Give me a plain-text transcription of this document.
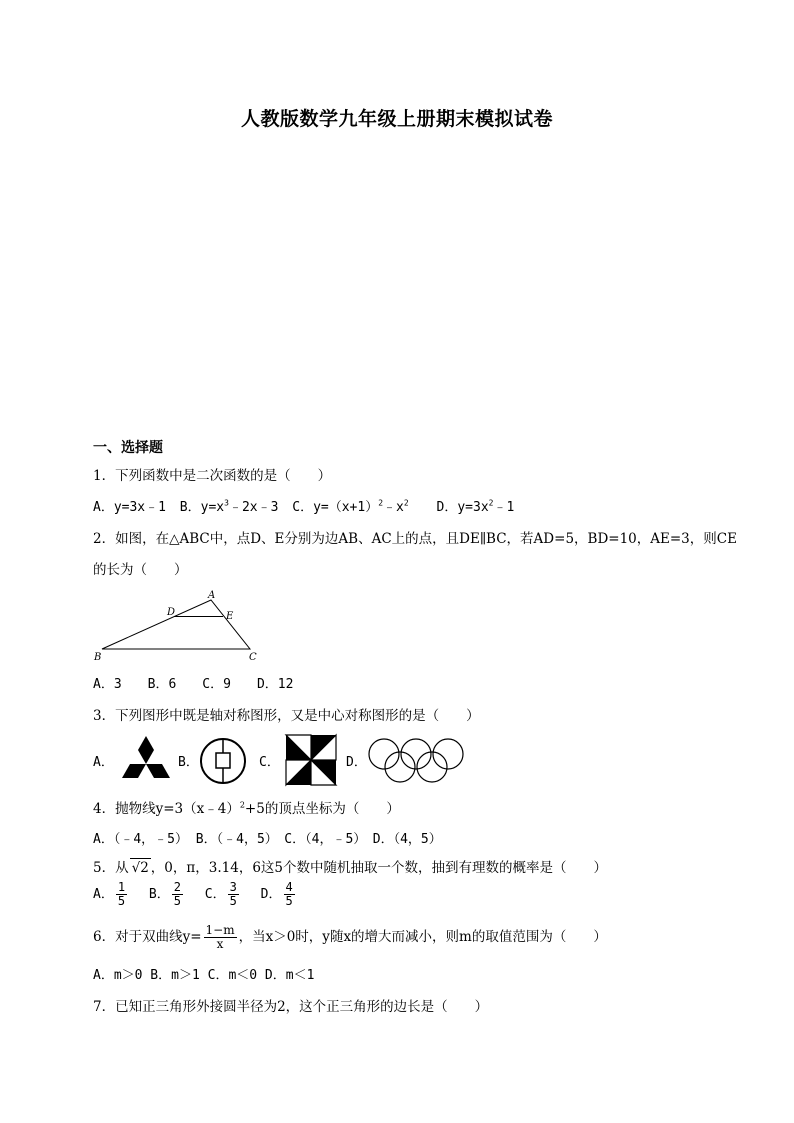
人教版数学九年级上册期末模拟试卷
一、选择题
1．下列函数中是二次函数的是（　　）
A．y=3x﹣1 B．$y=x^3﹣2x﹣3$ C．$y=(x+1)^2﹣x^2$ D．$y=3x^2﹣1$
2．如图，在△ABC中，点D、E分别为边AB、AC上的点，且DE∥BC，若AD=5，BD=10，AE=3，则CE
的长为（　　）
A
D	E
B	C
A．3　　B．6　　C．9　　D．12
3．下列图形中既是轴对称图形，又是中心对称图形的是（　　）
A．	B．	C．	D．
4．抛物线y=3（x﹣4）$^2$+5的顶点坐标为（　　）
A．（﹣4，﹣5） B．（﹣4，5）　C．（4，﹣5）　D．（4，5）
5．从 √2 ，0，π，3.14，6这5个数中随机抽取一个数，抽到有理数的概率是（　　）
A． $\frac{1}{5}$ B． $\frac{2}{5}$ C． $\frac{3}{5}$ D． $\frac{4}{5}$
6．对于双曲线$y= \frac{1-m}{x}$ ，当x＞0时，y随x的增大而减小，则m的取值范围为（　　）
A．m＞0 B．m＞1 C．m＜0 D．m＜1
7．已知正三角形外接圆半径为2，这个正三角形的边长是（　　）
